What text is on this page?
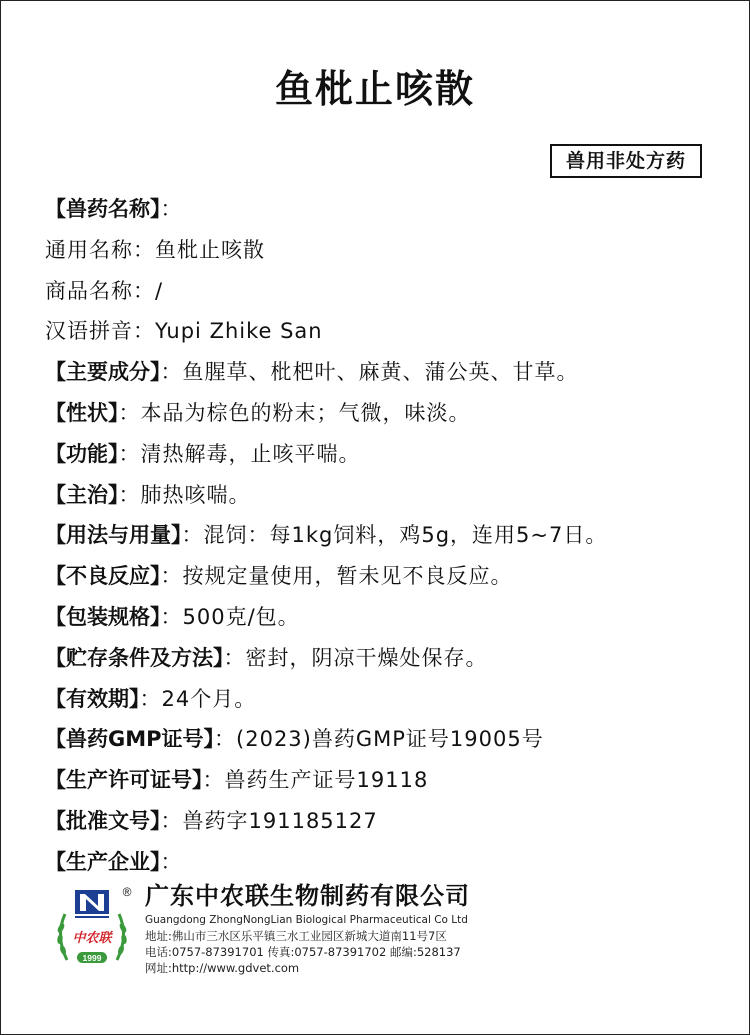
鱼枇止咳散
兽用非处方药
【兽药名称】：
通用名称：鱼枇止咳散
商品名称：/
汉语拼音：Yupi Zhike San
【主要成分】：鱼腥草、枇杷叶、麻黄、蒲公英、甘草。
【性状】：本品为棕色的粉末；气微，味淡。
【功能】：清热解毒，止咳平喘。
【主治】：肺热咳喘。
【用法与用量】：混饲：每1kg饲料，鸡5g，连用5~7日。
【不良反应】：按规定量使用，暂未见不良反应。
【包装规格】：500克/包。
【贮存条件及方法】：密封，阴凉干燥处保存。
【有效期】：24个月。
【兽药GMP证号】：(2023)兽药GMP证号19005号
【生产许可证号】：兽药生产证号19118
【批准文号】：兽药字191185127
【生产企业】：
中农联
1999
® 广东中农联生物制药有限公司
Guangdong ZhongNongLian Biological Pharmaceutical Co Ltd
地址:佛山市三水区乐平镇三水工业园区新城大道南11号7区
电话:0757-87391701 传真:0757-87391702 邮编:528137
网址:http://www.gdvet.com
